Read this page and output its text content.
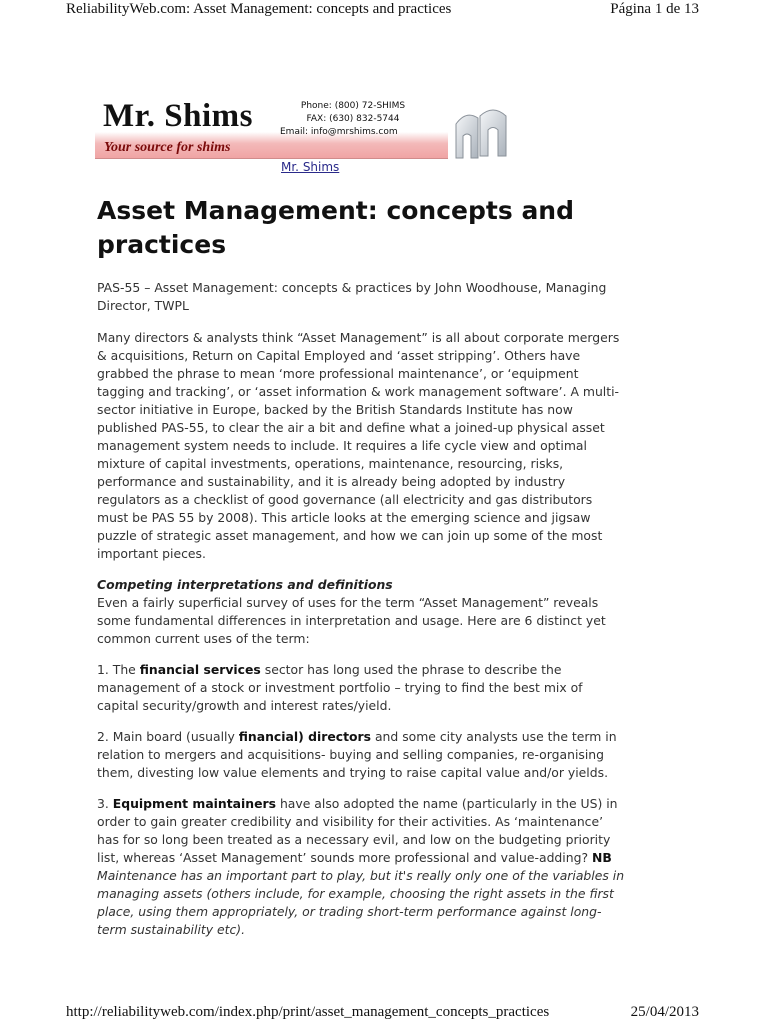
ReliabilityWeb.com: Asset Management: concepts and practices	Página 1 de 13
Mr. Shims
Your source for shims
Phone: (800) 72-SHIMS
FAX: (630) 832-5744
Email: info@mrshims.com
Mr. Shims
Asset Management: concepts and practices

PAS-55 – Asset Management: concepts & practices by John Woodhouse, Managing Director, TWPL

Many directors & analysts think “Asset Management” is all about corporate mergers & acquisitions, Return on Capital Employed and ‘asset stripping’. Others have grabbed the phrase to mean ‘more professional maintenance’, or ‘equipment tagging and tracking’, or ‘asset information & work management software’. A multi-sector initiative in Europe, backed by the British Standards Institute has now published PAS-55, to clear the air a bit and define what a joined-up physical asset management system needs to include. It requires a life cycle view and optimal mixture of capital investments, operations, maintenance, resourcing, risks, performance and sustainability, and it is already being adopted by industry regulators as a checklist of good governance (all electricity and gas distributors must be PAS 55 by 2008). This article looks at the emerging science and jigsaw puzzle of strategic asset management, and how we can join up some of the most important pieces.

Competing interpretations and definitions

Even a fairly superficial survey of uses for the term “Asset Management” reveals some fundamental differences in interpretation and usage. Here are 6 distinct yet common current uses of the term:

1. The financial services sector has long used the phrase to describe the management of a stock or investment portfolio – trying to find the best mix of capital security/growth and interest rates/yield.

2. Main board (usually financial) directors and some city analysts use the term in relation to mergers and acquisitions- buying and selling companies, re-organising them, divesting low value elements and trying to raise capital value and/or yields.

3. Equipment maintainers have also adopted the name (particularly in the US) in order to gain greater credibility and visibility for their activities. As ‘maintenance’ has for so long been treated as a necessary evil, and low on the budgeting priority list, whereas ‘Asset Management’ sounds more professional and value-adding? NB Maintenance has an important part to play, but it's really only one of the variables in managing assets (others include, for example, choosing the right assets in the first place, using them appropriately, or trading short-term performance against long-term sustainability etc).

http://reliabilityweb.com/index.php/print/asset_management_concepts_practices	25/04/2013
